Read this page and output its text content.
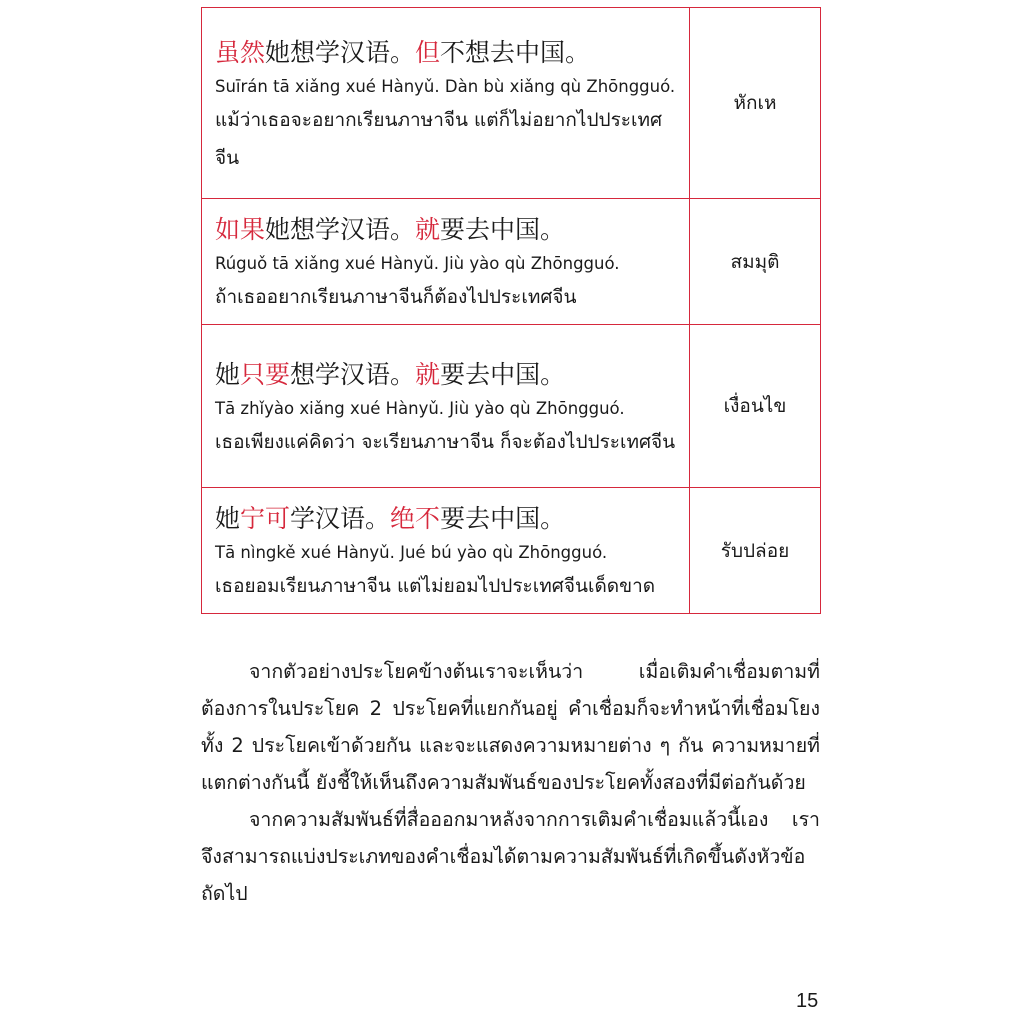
虽然她想学汉语。但不想去中国。
Suīrán tā xiǎng xué Hànyǔ. Dàn bù xiǎng qù Zhōngguó.
แม้ว่าเธอจะอยากเรียนภาษาจีน แต่ก็ไม่อยากไปประเทศจีน	หักเห

如果她想学汉语。就要去中国。
Rúguǒ tā xiǎng xué Hànyǔ. Jiù yào qù Zhōngguó.
ถ้าเธออยากเรียนภาษาจีนก็ต้องไปประเทศจีน	สมมุติ

她只要想学汉语。就要去中国。
Tā zhǐyào xiǎng xué Hànyǔ. Jiù yào qù Zhōngguó.
เธอเพียงแค่คิดว่า จะเรียนภาษาจีน ก็จะต้องไปประเทศจีน	เงื่อนไข

她宁可学汉语。绝不要去中国。
Tā nìngkě xué Hànyǔ. Jué bú yào qù Zhōngguó.
เธอยอมเรียนภาษาจีน แต่ไม่ยอมไปประเทศจีนเด็ดขาด	รับปล่อย

จากตัวอย่างประโยคข้างต้นเราจะเห็นว่า เมื่อเติมคำเชื่อมตามที่ต้องการในประโยค 2 ประโยคที่แยกกันอยู่ คำเชื่อมก็จะทำหน้าที่เชื่อมโยงทั้ง 2 ประโยคเข้าด้วยกัน และจะแสดงความหมายต่าง ๆ กัน ความหมายที่แตกต่างกันนี้ ยังชี้ให้เห็นถึงความสัมพันธ์ของประโยคทั้งสองที่มีต่อกันด้วย

จากความสัมพันธ์ที่สื่อออกมาหลังจากการเติมคำเชื่อมแล้วนี้เอง เราจึงสามารถแบ่งประเภทของคำเชื่อมได้ตามความสัมพันธ์ที่เกิดขึ้นดังหัวข้อถัดไป

15
